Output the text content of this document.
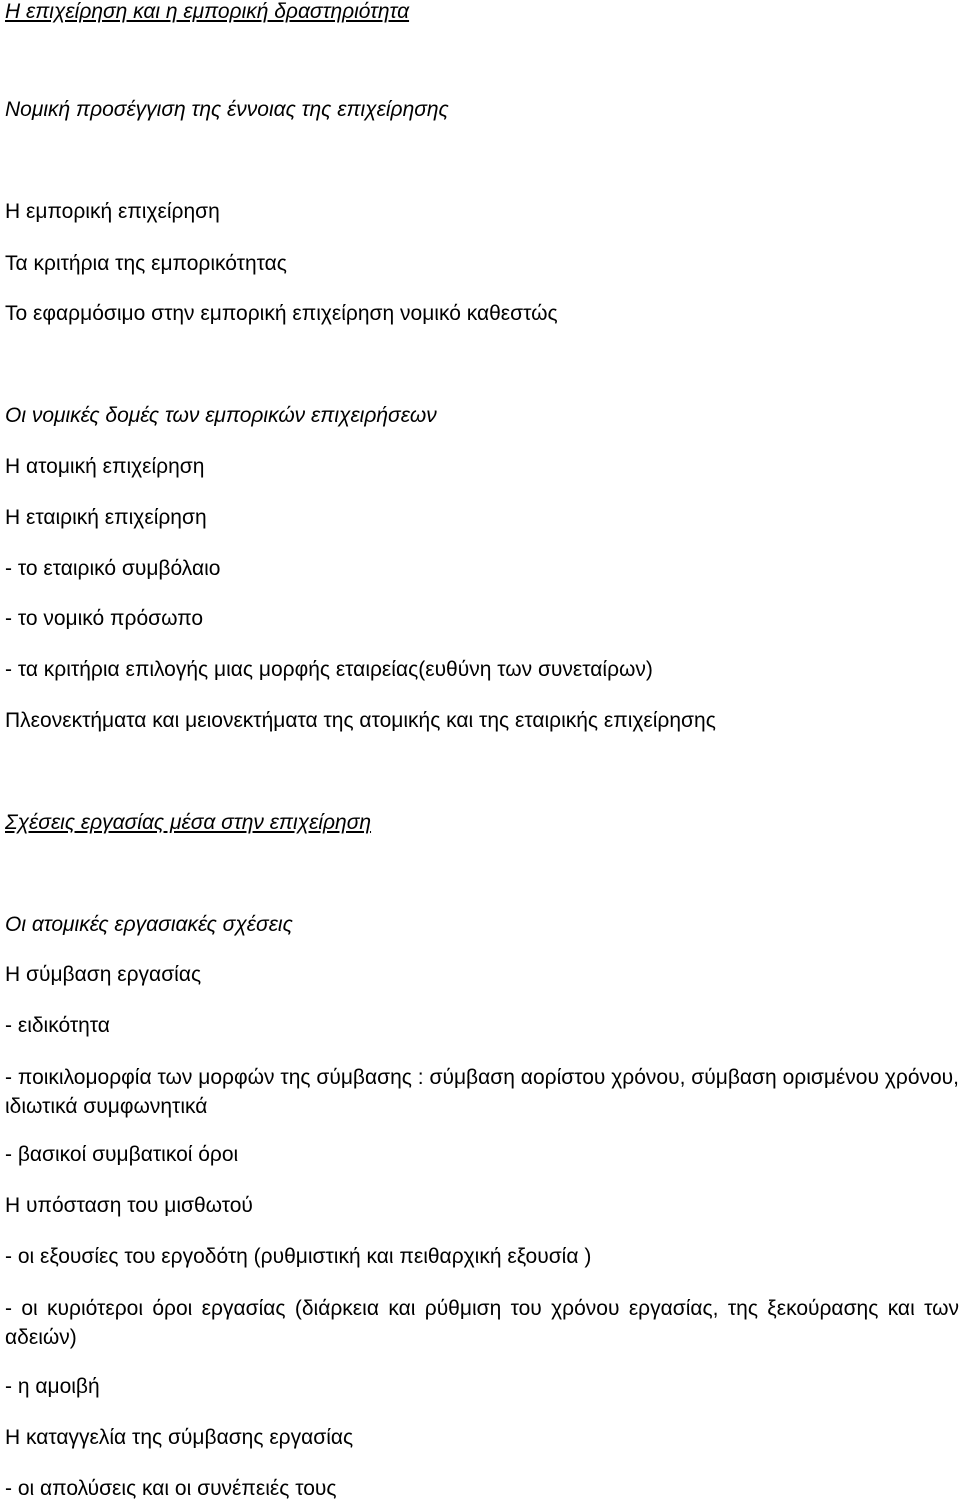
Η επιχείρηση και η εμπορική δραστηριότητα

Νομική προσέγγιση της έννοιας της επιχείρησης

Η εμπορική επιχείρηση

Τα κριτήρια της εμπορικότητας

Το εφαρμόσιμο στην εμπορική επιχείρηση νομικό καθεστώς

Οι νομικές δομές των εμπορικών επιχειρήσεων

Η ατομική επιχείρηση

Η εταιρική επιχείρηση

- το εταιρικό συμβόλαιο

- το νομικό πρόσωπο

- τα κριτήρια επιλογής μιας μορφής εταιρείας(ευθύνη των συνεταίρων)

Πλεονεκτήματα και μειονεκτήματα της ατομικής και της εταιρικής επιχείρησης

Σχέσεις εργασίας μέσα στην επιχείρηση

Οι ατομικές εργασιακές σχέσεις

Η σύμβαση εργασίας

- ειδικότητα

- ποικιλομορφία των μορφών της σύμβασης : σύμβαση αορίστου χρόνου, σύμβαση ορισμένου χρόνου, ιδιωτικά συμφωνητικά

- βασικοί συμβατικοί όροι

Η υπόσταση του μισθωτού

- οι εξουσίες του εργοδότη (ρυθμιστική και πειθαρχική εξουσία )

- οι κυριότεροι όροι εργασίας (διάρκεια και ρύθμιση του χρόνου εργασίας, της ξεκούρασης και των αδειών)

- η αμοιβή

Η καταγγελία της σύμβασης εργασίας

- οι απολύσεις και οι συνέπειές τους
